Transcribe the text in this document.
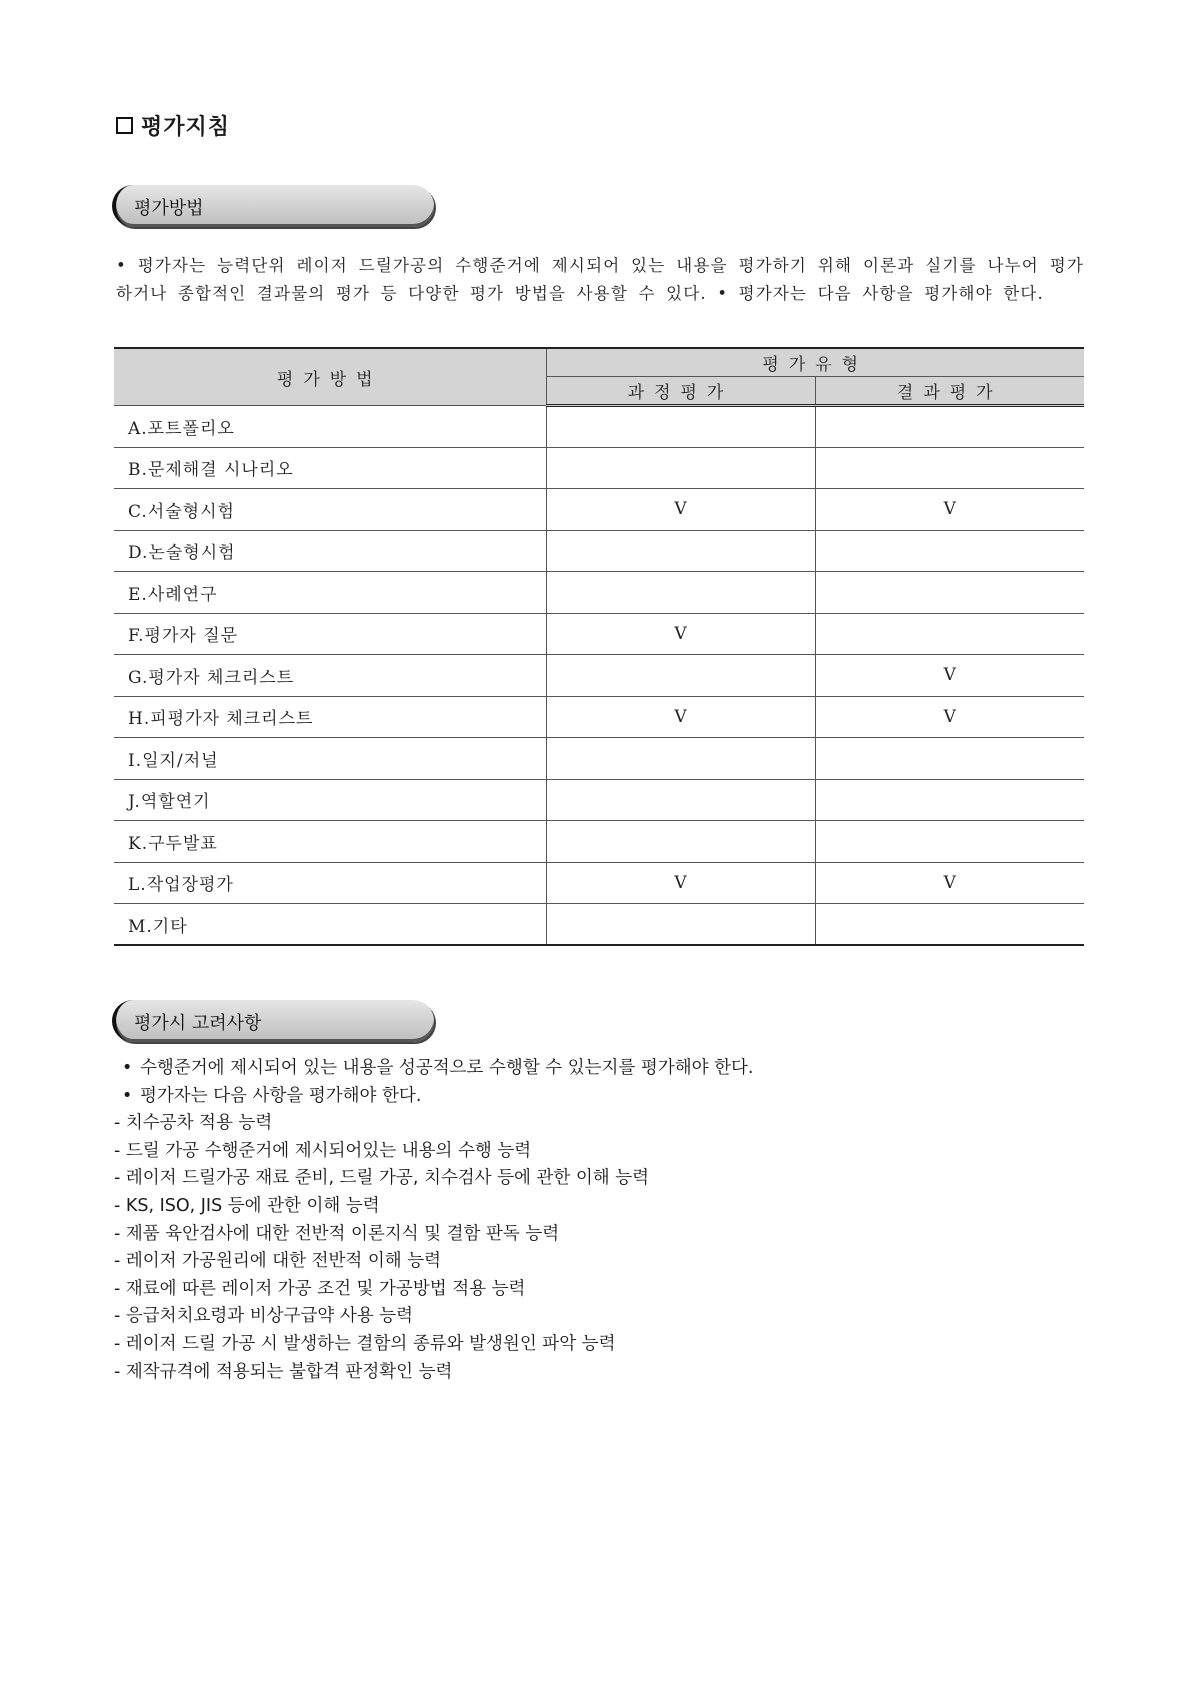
평가지침
평가방법
• 평가자는 능력단위 레이저 드릴가공의 수행준거에 제시되어 있는 내용을 평가하기 위해 이론과 실기를 나누어 평가하거나 종합적인 결과물의 평가 등 다양한 평가 방법을 사용할 수 있다. • 평가자는 다음 사항을 평가해야 한다.
평가방법	평가유형	
	과정평가	결과평가
A.포트폴리오		
B.문제해결 시나리오		
C.서술형시험	V	V
D.논술형시험		
E.사례연구		
F.평가자 질문	V	
G.평가자 체크리스트		V
H.피평가자 체크리스트	V	V
I.일지/저널		
J.역할연기		
K.구두발표		
L.작업장평가	V	V
M.기타		
평가시 고려사항
• 수행준거에 제시되어 있는 내용을 성공적으로 수행할 수 있는지를 평가해야 한다.
• 평가자는 다음 사항을 평가해야 한다.
- 치수공차 적용 능력
- 드릴 가공 수행준거에 제시되어있는 내용의 수행 능력
- 레이저 드릴가공 재료 준비, 드릴 가공, 치수검사 등에 관한 이해 능력
- KS, ISO, JIS 등에 관한 이해 능력
- 제품 육안검사에 대한 전반적 이론지식 및 결함 판독 능력
- 레이저 가공원리에 대한 전반적 이해 능력
- 재료에 따른 레이저 가공 조건 및 가공방법 적용 능력
- 응급처치요령과 비상구급약 사용 능력
- 레이저 드릴 가공 시 발생하는 결함의 종류와 발생원인 파악 능력
- 제작규격에 적용되는 불합격 판정확인 능력
